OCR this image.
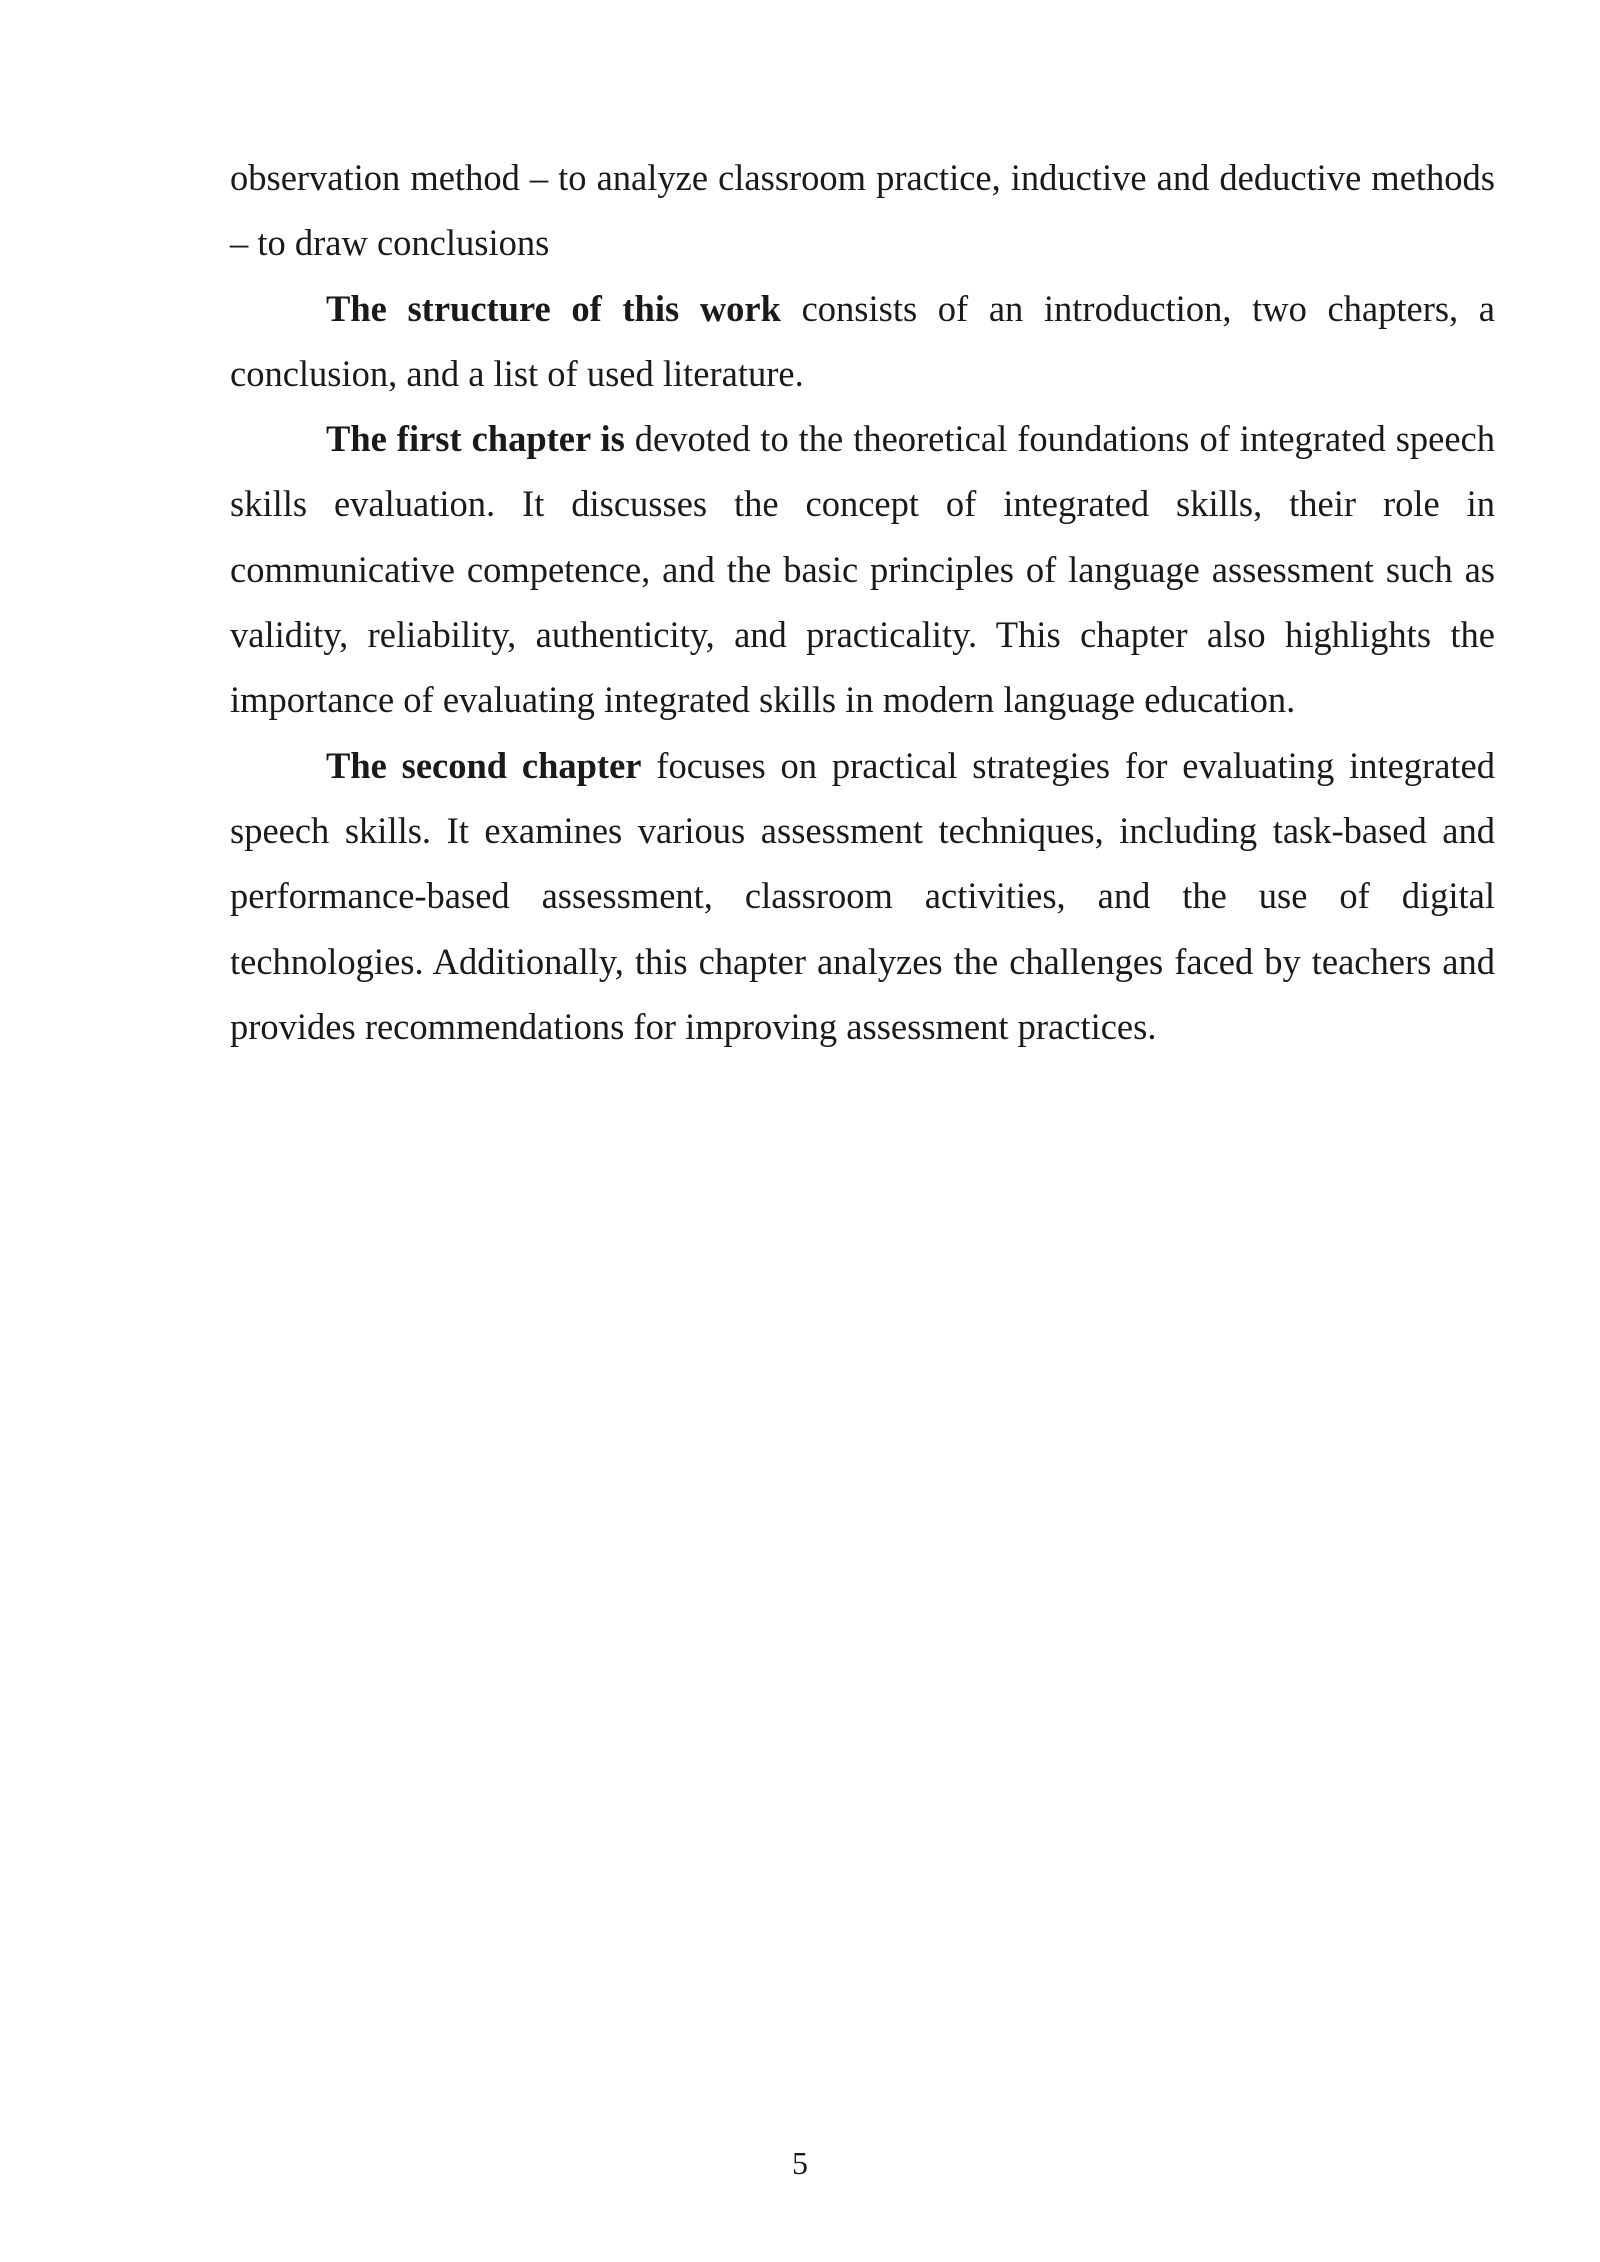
observation method – to analyze classroom practice, inductive and deductive methods – to draw conclusions

The structure of this work consists of an introduction, two chapters, a conclusion, and a list of used literature.

The first chapter is devoted to the theoretical foundations of integrated speech skills evaluation. It discusses the concept of integrated skills, their role in communicative competence, and the basic principles of language assessment such as validity, reliability, authenticity, and practicality. This chapter also highlights the importance of evaluating integrated skills in modern language education.

The second chapter focuses on practical strategies for evaluating integrated speech skills. It examines various assessment techniques, including task-based and performance-based assessment, classroom activities, and the use of digital technologies. Additionally, this chapter analyzes the challenges faced by teachers and provides recommendations for improving assessment practices.

5
